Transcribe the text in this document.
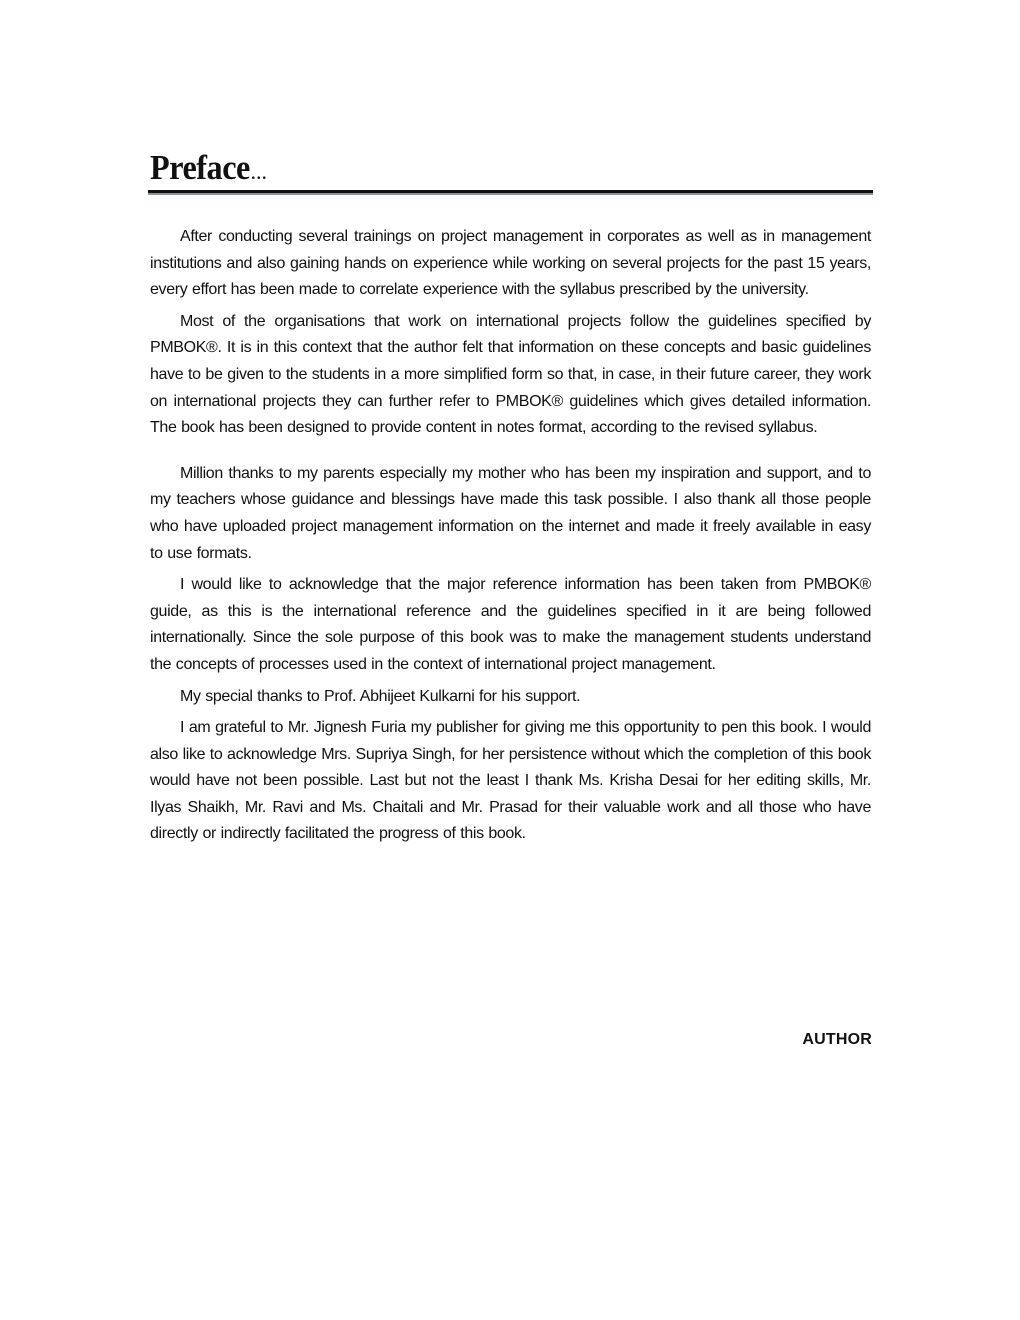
Preface ...

After conducting several trainings on project management in corporates as well as in management institutions and also gaining hands on experience while working on several projects for the past 15 years, every effort has been made to correlate experience with the syllabus prescribed by the university.

Most of the organisations that work on international projects follow the guidelines specified by PMBOK®. It is in this context that the author felt that information on these concepts and basic guidelines have to be given to the students in a more simplified form so that, in case, in their future career, they work on international projects they can further refer to PMBOK® guidelines which gives detailed information. The book has been designed to provide content in notes format, according to the revised syllabus.

Million thanks to my parents especially my mother who has been my inspiration and support, and to my teachers whose guidance and blessings have made this task possible. I also thank all those people who have uploaded project management information on the internet and made it freely available in easy to use formats.

I would like to acknowledge that the major reference information has been taken from PMBOK® guide, as this is the international reference and the guidelines specified in it are being followed internationally. Since the sole purpose of this book was to make the management students understand the concepts of processes used in the context of international project management.

My special thanks to Prof. Abhijeet Kulkarni for his support.

I am grateful to Mr. Jignesh Furia my publisher for giving me this opportunity to pen this book. I would also like to acknowledge Mrs. Supriya Singh, for her persistence without which the completion of this book would have not been possible. Last but not the least I thank Ms. Krisha Desai for her editing skills, Mr. Ilyas Shaikh, Mr. Ravi and Ms. Chaitali and Mr. Prasad for their valuable work and all those who have directly or indirectly facilitated the progress of this book.

AUTHOR
